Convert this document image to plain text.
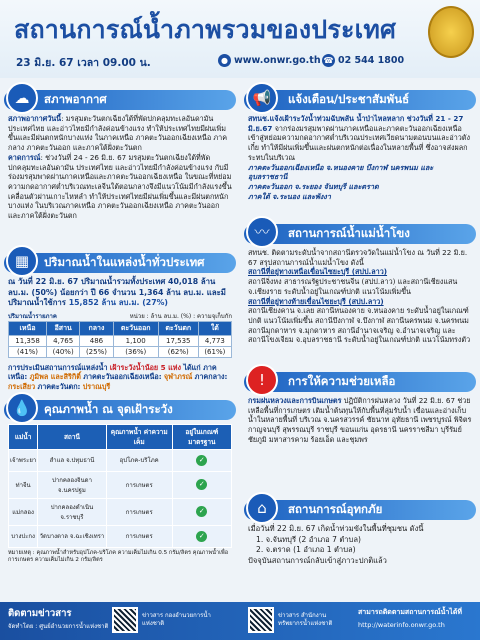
สถานการณ์น้ำภาพรวมของประเทศ
23 มิ.ย. 67 เวลา 09.00 น.	● www.onwr.go.th ☎ 02 544 1800
☁	สภาพอากาศ
สภาพอากาศวันนี้: มรสุมตะวันตกเฉียงใต้ที่พัดปกคลุมทะเลอันดามัน ประเทศไทย และอ่าวไทยมีกำลังค่อนข้างแรง ทำให้ประเทศไทยมีฝนเพิ่มขึ้นและมีฝนตกหนักบางแห่ง ในภาคเหนือ ภาคตะวันออกเฉียงเหนือ ภาคกลาง ภาคตะวันออก และภาคใต้ฝั่งตะวันตก
คาดการณ์: ช่วงวันที่ 24 - 26 มิ.ย. 67 มรสุมตะวันตกเฉียงใต้ที่พัดปกคลุมทะเลอันดามัน ประเทศไทย และอ่าวไทยมีกำลังค่อนข้างแรง กับมีร่องมรสุมพาดผ่านภาคเหนือและภาคตะวันออกเฉียงเหนือ ในขณะที่หย่อมความกดอากาศต่ำบริเวณทะเลจีนใต้ตอนกลางจึงมีแนวโน้มมีกำลังแรงขึ้นเคลื่อนตัวผ่านเกาะไหหลำ ทำให้ประเทศไทยมีฝนเพิ่มขึ้นและมีฝนตกหนักบางแห่ง ในบริเวณภาคเหนือ ภาคตะวันออกเฉียงเหนือ ภาคตะวันออก และภาคใต้ฝั่งตะวันตก
▦	ปริมาณน้ำในแหล่งน้ำทั่วประเทศ
ณ วันที่ 22 มิ.ย. 67 ปริมาณน้ำรวมทั้งประเทศ 40,018 ล้าน ลบ.ม. (50%) น้อยกว่า ปี 66 จำนวน 1,364 ล้าน ลบ.ม. และมีปริมาณน้ำใช้การ 15,852 ล้าน ลบ.ม. (27%)
ปริมาณน้ำรายภาค	หน่วย : ล้าน ลบ.ม. (%) : ความจุเก็บกัก
เหนือ	อีสาน	กลาง	ตะวันออก	ตะวันตก	ใต้
11,358	4,765	486	1,100	17,535	4,773
(41%)	(40%)	(25%)	(36%)	(62%)	(61%)
การประเมินสถานการณ์แหล่งน้ำ เฝ้าระวังน้ำน้อย 5 แห่ง ได้แก่ ภาคเหนือ: ภูมิพล และสิริกิติ์ ภาคตะวันออกเฉียงเหนือ: จุฬาภรณ์ ภาคกลาง: กระเสียว ภาคตะวันตก: ปราณบุรี
💧	คุณภาพน้ำ ณ จุดเฝ้าระวัง
แม่น้ำ	สถานี	คุณภาพน้ำ ค่าความเค็ม	อยู่ในเกณฑ์มาตรฐาน
เจ้าพระยา	สำแล จ.ปทุมธานี	อุปโภค-บริโภค	✓
ท่าจีน	ปากคลองจินดา จ.นครปฐม	การเกษตร	✓
แม่กลอง	ปากคลองดำเนิน จ.ราชบุรี	การเกษตร	✓
บางปะกง	วัดบางตาล จ.ฉะเชิงเทรา	การเกษตร	✓
หมายเหตุ : คุณภาพน้ำสำหรับอุปโภค-บริโภค ความเค็มไม่เกิน 0.5 กรัม/ลิตร คุณภาพน้ำเพื่อการเกษตร ความเค็มไม่เกิน 2 กรัม/ลิตร
📢	แจ้งเตือน/ประชาสัมพันธ์
สทนช.แจ้งเฝ้าระวังน้ำท่วมฉับพลัน น้ำป่าไหลหลาก ช่วงวันที่ 21 - 27 มิ.ย.67 จากร่องมรสุมพาดผ่านภาคเหนือและภาคตะวันออกเฉียงเหนือ เข้าสู่หย่อมความกดอากาศต่ำบริเวณประเทศเวียดนามตอนบนและอ่าวตังเกี๋ย ทำให้มีฝนเพิ่มขึ้นและฝนตกหนักต่อเนื่องในหลายพื้นที่ ซึ่งอาจส่งผลกระทบในบริเวณ
ภาคตะวันออกเฉียงเหนือ จ.หนองคาย บึงกาฬ นครพนม และอุบลราชธานี
ภาคตะวันออก จ.ระยอง จันทบุรี และตราด
ภาคใต้ จ.ระนอง และพังงา
〰	สถานการณ์น้ำแม่น้ำโขง
สทนช. ติดตามระดับน้ำจากสถานีตรวจวัดในแม่น้ำโขง ณ วันที่ 22 มิ.ย. 67 สรุปสถานการณ์น้ำแม่น้ำโขง ดังนี้
สถานีที่อยู่ทางเหนือเขื่อนไซยะบุรี (สปป.ลาว)
สถานีจิ่งหง สาธารณรัฐประชาชนจีน (สปป.ลาว) และสถานีเชียงแสน จ.เชียงราย ระดับน้ำอยู่ในเกณฑ์ปกติ แนวโน้มเพิ่มขึ้น
สถานีที่อยู่ทางท้ายเขื่อนไซยะบุรี (สปป.ลาว)
สถานีเชียงคาน จ.เลย สถานีหนองคาย จ.หนองคาย ระดับน้ำอยู่ในเกณฑ์ปกติ แนวโน้มเพิ่มขึ้น สถานีบึงกาฬ จ.บึงกาฬ สถานีนครพนม จ.นครพนม สถานีมุกดาหาร จ.มุกดาหาร สถานีอำนาจเจริญ จ.อำนาจเจริญ และสถานีโขงเจียม จ.อุบลราชธานี ระดับน้ำอยู่ในเกณฑ์ปกติ แนวโน้มทรงตัว
!	การให้ความช่วยเหลือ
กรมฝนหลวงและการบินเกษตร ปฏิบัติการฝนหลวง วันที่ 22 มิ.ย. 67 ช่วยเหลือพื้นที่การเกษตร เติมน้ำต้นทุนให้กับพื้นที่ลุ่มรับน้ำ เขื่อนและอ่างเก็บน้ำในหลายพื้นที่ บริเวณ จ.นครสวรรค์ ชัยนาท อุทัยธานี เพชรบูรณ์ พิจิตร กาญจนบุรี สุพรรณบุรี ราชบุรี ขอนแก่น อุดรธานี นครราชสีมา บุรีรัมย์ ชัยภูมิ มหาสารคาม ร้อยเอ็ด และชุมพร
⌂	สถานการณ์อุทกภัย
เมื่อวันที่ 22 มิ.ย. 67 เกิดน้ำท่วมขังในพื้นที่ชุมชน ดังนี้
1. จ.จันทบุรี (2 อำเภอ 7 ตำบล)
2. จ.ตราด (1 อำเภอ 1 ตำบล)
ปัจจุบันสถานการณ์กลับเข้าสู่ภาวะปกติแล้ว
ติดตามข่าวสาร
จัดทำโดย : ศูนย์อำนวยการน้ำแห่งชาติ
ข่าวสาร กองอำนวยการน้ำแห่งชาติ
ข่าวสาร สำนักงานทรัพยากรน้ำแห่งชาติ
สามารถติดตามสถานการณ์น้ำได้ที่
http://waterinfo.onwr.go.th
